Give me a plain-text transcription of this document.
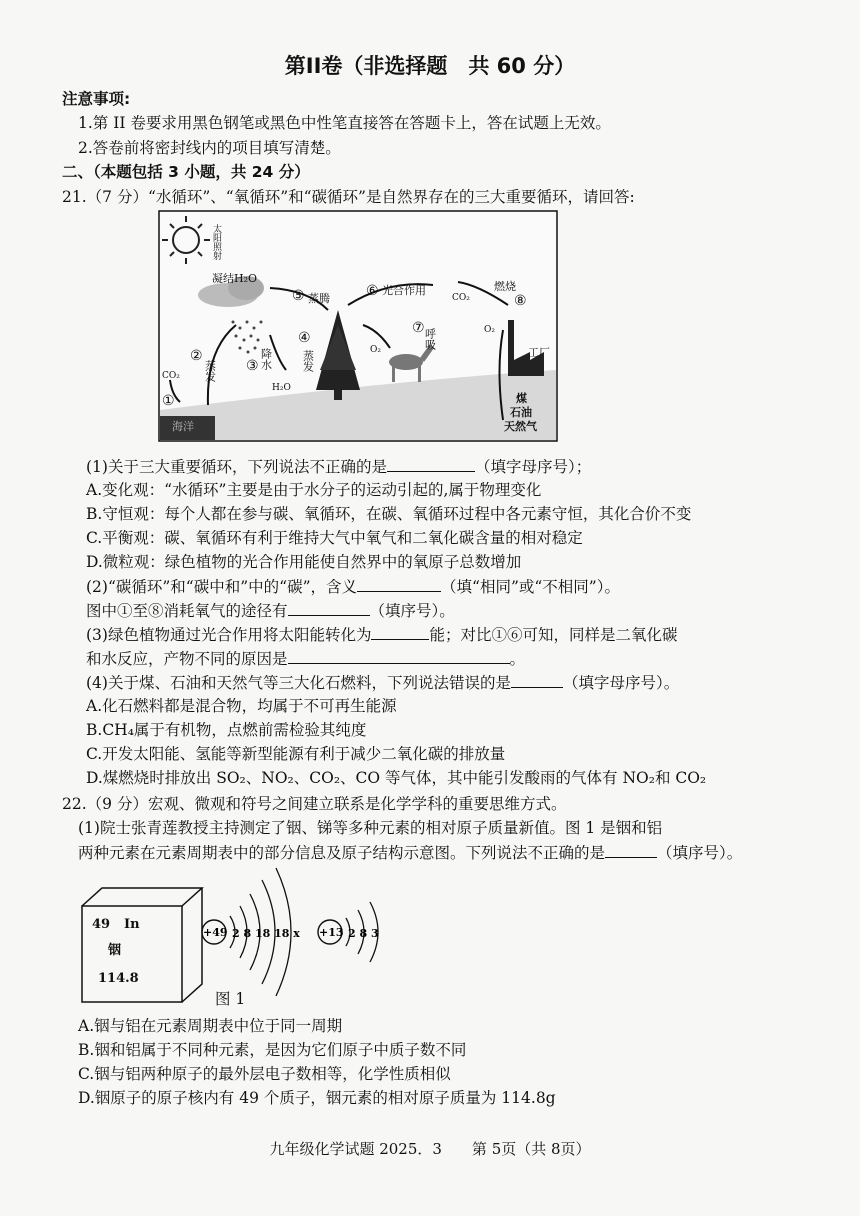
第II卷（非选择题　共 60 分）
注意事项:
1.第 II 卷要求用黑色钢笔或黑色中性笔直接答在答题卡上，答在试题上无效。
2.答卷前将密封线内的项目填写清楚。
二、（本题包括 3 小题，共 24 分）
21.（7 分）“水循环”、“氧循环”和“碳循环”是自然界存在的三大重要循环，请回答:
太阳照射
凝结H₂O
①
②
③
④
⑤	⑥
⑦
⑧
蒸发
降水
H₂O
蒸发
蒸腾
光合作用
呼吸
燃烧
CO₂
CO₂
O₂
O₂
工厂
海洋
煤
石油
天然气
(1)关于三大重要循环，下列说法不正确的是	（填字母序号）；
A.变化观：“水循环”主要是由于水分子的运动引起的,属于物理变化
B.守恒观：每个人都在参与碳、氧循环，在碳、氧循环过程中各元素守恒，其化合价不变
C.平衡观：碳、氧循环有利于维持大气中氧气和二氧化碳含量的相对稳定
D.微粒观：绿色植物的光合作用能使自然界中的氧原子总数增加
(2)“碳循环”和“碳中和”中的“碳”，含义	（填“相同”或“不相同”）。
图中①至⑧消耗氧气的途径有	（填序号）。
(3)绿色植物通过光合作用将太阳能转化为	能；对比①⑥可知，同样是二氧化碳
和水反应，产物不同的原因是	。
(4)关于煤、石油和天然气等三大化石燃料，下列说法错误的是	（填字母序号）。
A.化石燃料都是混合物，均属于不可再生能源
B.CH₄属于有机物，点燃前需检验其纯度
C.开发太阳能、氢能等新型能源有利于减少二氧化碳的排放量
D.煤燃烧时排放出 SO₂、NO₂、CO₂、CO 等气体，其中能引发酸雨的气体有 NO₂和 CO₂
22.（9 分）宏观、微观和符号之间建立联系是化学学科的重要思维方式。
(1)院士张青莲教授主持测定了铟、锑等多种元素的相对原子质量新值。图 1 是铟和铝
两种元素在元素周期表中的部分信息及原子结构示意图。下列说法不正确的是	（填序号）。
49 In
铟
114.8
+49 2 8 18 18 x +13 2 8 3
图 1
A.铟与铝在元素周期表中位于同一周期
B.铟和铝属于不同种元素，是因为它们原子中质子数不同
C.铟与铝两种原子的最外层电子数相等，化学性质相似
D.铟原子的原子核内有 49 个质子，铟元素的相对原子质量为 114.8g
九年级化学试题 2025．3　　第 5页（共 8页）
